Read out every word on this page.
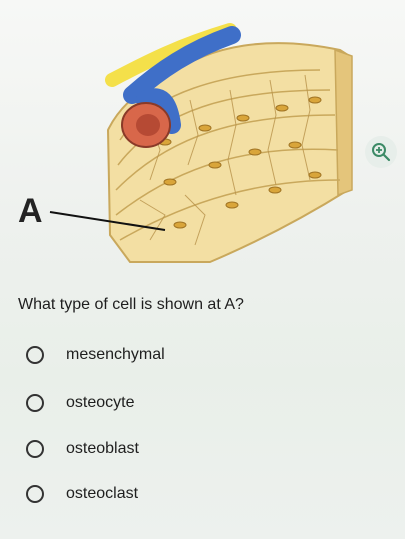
A
What type of cell is shown at A?
mesenchymal
osteocyte
osteoblast
osteoclast
